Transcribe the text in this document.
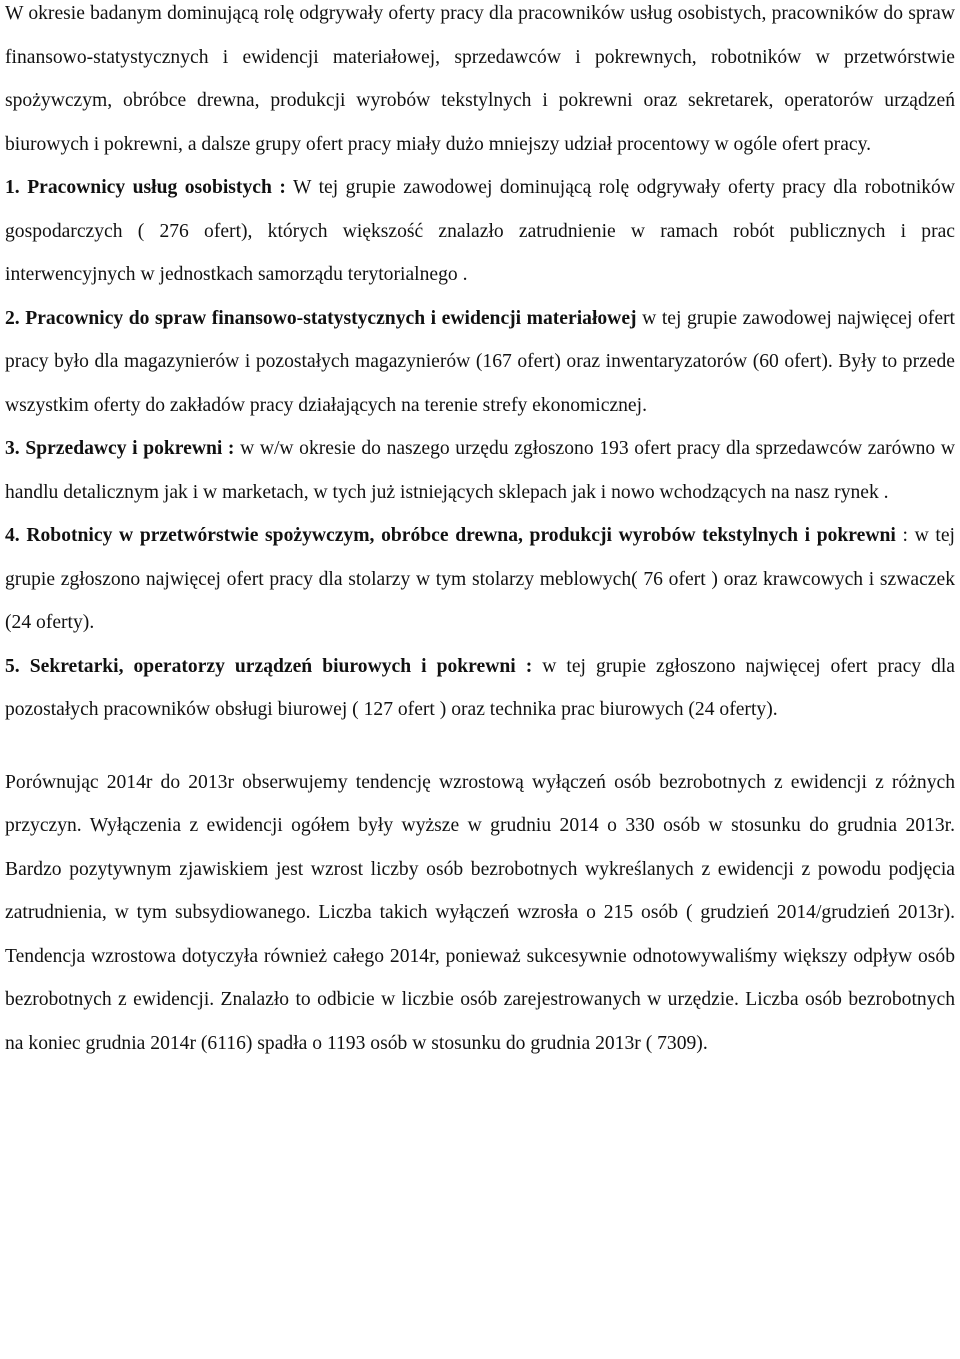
W okresie badanym dominującą rolę odgrywały oferty pracy dla pracowników usług osobistych, pracowników do spraw finansowo-statystycznych i ewidencji materiałowej, sprzedawców i pokrewnych, robotników w przetwórstwie spożywczym, obróbce drewna, produkcji wyrobów tekstylnych i pokrewni oraz sekretarek, operatorów urządzeń biurowych i pokrewni, a dalsze grupy ofert pracy miały dużo mniejszy udział procentowy w ogóle ofert pracy.

1. Pracownicy usług osobistych : W tej grupie zawodowej dominującą rolę odgrywały oferty pracy dla robotników gospodarczych ( 276 ofert), których większość znalazło zatrudnienie w ramach robót publicznych i prac interwencyjnych w jednostkach samorządu terytorialnego .

2. Pracownicy do spraw finansowo-statystycznych i ewidencji materiałowej w tej grupie zawodowej najwięcej ofert pracy było dla magazynierów i pozostałych magazynierów (167 ofert) oraz inwentaryzatorów (60 ofert). Były to przede wszystkim oferty do zakładów pracy działających na terenie strefy ekonomicznej.

3. Sprzedawcy i pokrewni : w w/w okresie do naszego urzędu zgłoszono 193 ofert pracy dla sprzedawców zarówno w handlu detalicznym jak i w marketach, w tych już istniejących sklepach jak i nowo wchodzących na nasz rynek .

4. Robotnicy w przetwórstwie spożywczym, obróbce drewna, produkcji wyrobów tekstylnych i pokrewni : w tej grupie zgłoszono najwięcej ofert pracy dla stolarzy w tym stolarzy meblowych( 76 ofert ) oraz krawcowych i szwaczek (24 oferty).

5. Sekretarki, operatorzy urządzeń biurowych i pokrewni : w tej grupie zgłoszono najwięcej ofert pracy dla pozostałych pracowników obsługi biurowej ( 127 ofert ) oraz technika prac biurowych (24 oferty).

Porównując 2014r do 2013r obserwujemy tendencję wzrostową wyłączeń osób bezrobotnych z ewidencji z różnych przyczyn. Wyłączenia z ewidencji ogółem były wyższe w grudniu 2014 o 330 osób w stosunku do grudnia 2013r. Bardzo pozytywnym zjawiskiem jest wzrost liczby osób bezrobotnych wykreślanych z ewidencji z powodu podjęcia zatrudnienia, w tym subsydiowanego. Liczba takich wyłączeń wzrosła o 215 osób ( grudzień 2014/grudzień 2013r). Tendencja wzrostowa dotyczyła również całego 2014r, ponieważ sukcesywnie odnotowywaliśmy większy odpływ osób bezrobotnych z ewidencji. Znalazło to odbicie w liczbie osób zarejestrowanych w urzędzie. Liczba osób bezrobotnych na koniec grudnia 2014r (6116) spadła o 1193 osób w stosunku do grudnia 2013r ( 7309).
